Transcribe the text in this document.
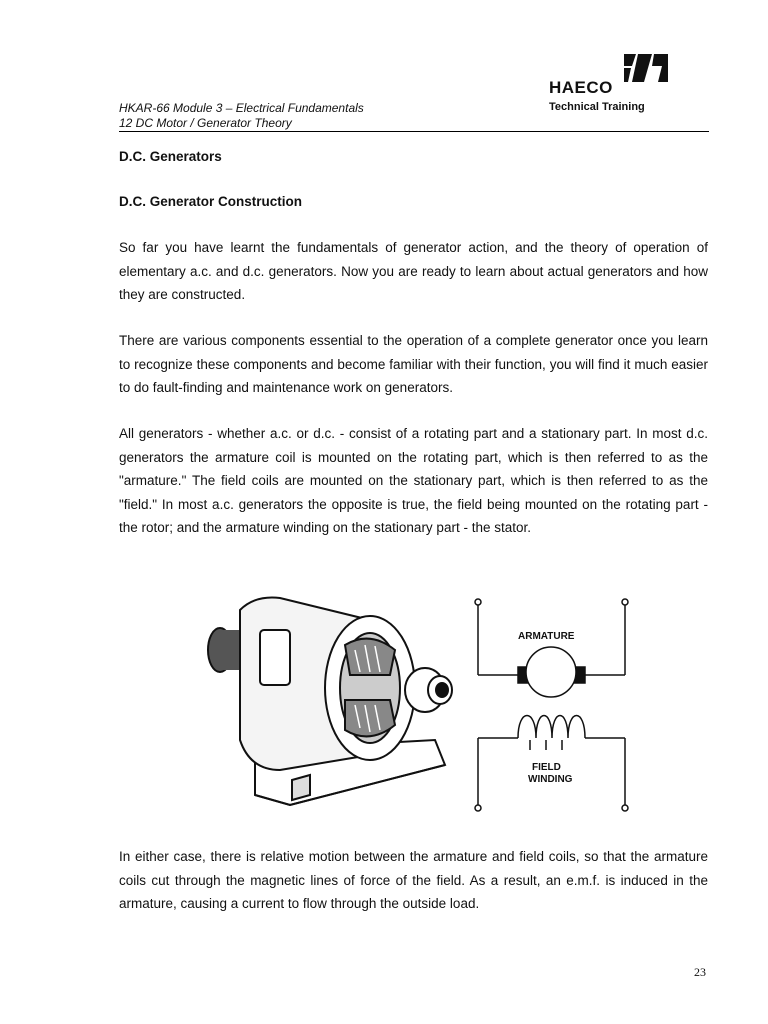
HKAR-66 Module 3 – Electrical Fundamentals
12 DC Motor / Generator Theory
HAECO
Technical Training
D.C. Generators
D.C. Generator Construction

So far you have learnt the fundamentals of generator action, and the theory of operation of elementary a.c. and d.c. generators. Now you are ready to learn about actual generators and how they are constructed.

There are various components essential to the operation of a complete generator once you learn to recognize these components and become familiar with their function, you will find it much easier to do fault-finding and maintenance work on generators.

All generators - whether a.c. or d.c. - consist of a rotating part and a stationary part. In most d.c. generators the armature coil is mounted on the rotating part, which is then referred to as the "armature." The field coils are mounted on the stationary part, which is then referred to as the "field." In most a.c. generators the opposite is true, the field being mounted on the rotating part - the rotor; and the armature winding on the stationary part - the stator.

ARMATURE
FIELD
WINDING

In either case, there is relative motion between the armature and field coils, so that the armature coils cut through the magnetic lines of force of the field. As a result, an e.m.f. is induced in the armature, causing a current to flow through the outside load.

23
